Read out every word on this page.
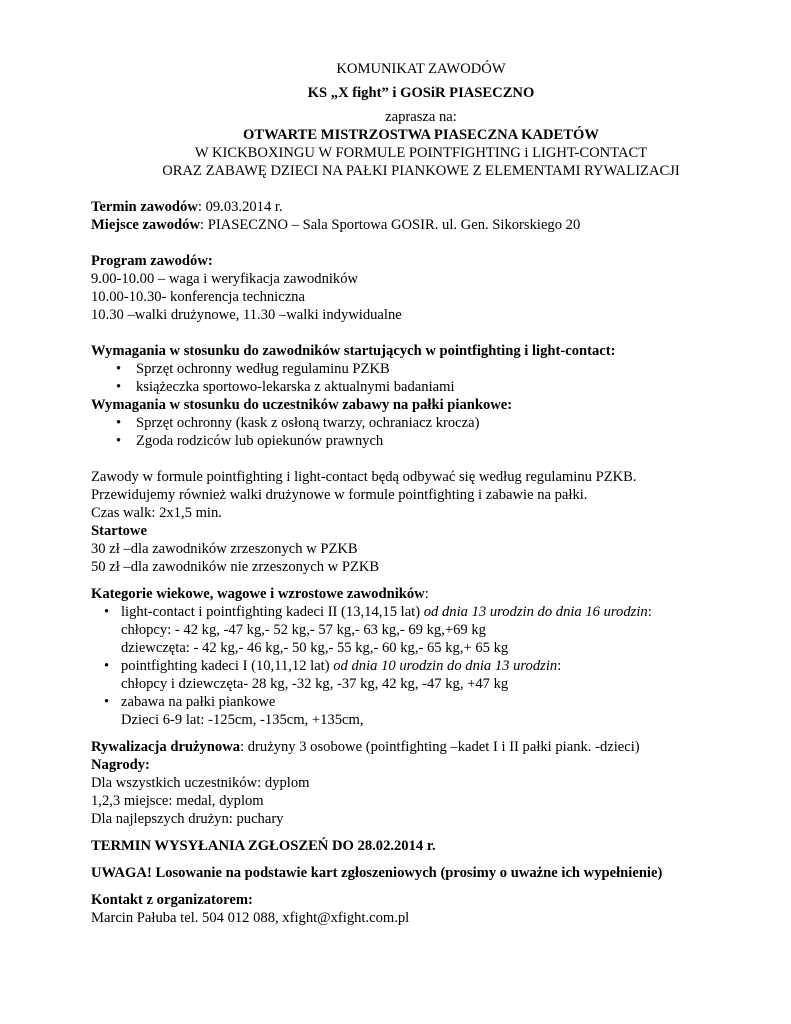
KOMUNIKAT ZAWODÓW

KS „X fight” i GOSiR PIASECZNO

zaprasza na:

OTWARTE MISTRZOSTWA PIASECZNA KADETÓW

W KICKBOXINGU W FORMULE POINTFIGHTING i LIGHT-CONTACT

ORAZ ZABAWĘ DZIECI NA PAŁKI PIANKOWE Z ELEMENTAMI RYWALIZACJI

Termin zawodów: 09.03.2014 r.

Miejsce zawodów: PIASECZNO – Sala Sportowa GOSIR. ul. Gen. Sikorskiego 20

Program zawodów:

9.00-10.00 – waga i weryfikacja zawodników

10.00-10.30- konferencja techniczna

10.30 –walki drużynowe, 11.30 –walki indywidualne

Wymagania w stosunku do zawodników startujących w pointfighting i light-contact:

• Sprzęt ochronny według regulaminu PZKB
• książeczka sportowo-lekarska z aktualnymi badaniami

Wymagania w stosunku do uczestników zabawy na pałki piankowe:

• Sprzęt ochronny (kask z osłoną twarzy, ochraniacz krocza)
• Zgoda rodziców lub opiekunów prawnych

Zawody w formule pointfighting i light-contact będą odbywać się według regulaminu PZKB.

Przewidujemy również walki drużynowe w formule pointfighting i zabawie na pałki.

Czas walk: 2x1,5 min.

Startowe

30 zł –dla zawodników zrzeszonych w PZKB

50 zł –dla zawodników nie zrzeszonych w PZKB

Kategorie wiekowe, wagowe i wzrostowe zawodników:

• light-contact i pointfighting kadeci II (13,14,15 lat) od dnia 13 urodzin do dnia 16 urodzin:
chłopcy: - 42 kg, -47 kg,- 52 kg,- 57 kg,- 63 kg,- 69 kg,+69 kg
dziewczęta: - 42 kg,- 46 kg,- 50 kg,- 55 kg,- 60 kg,- 65 kg,+ 65 kg
• pointfighting kadeci I (10,11,12 lat) od dnia 10 urodzin do dnia 13 urodzin:
chłopcy i dziewczęta- 28 kg, -32 kg, -37 kg, 42 kg, -47 kg, +47 kg
• zabawa na pałki piankowe
Dzieci 6-9 lat: -125cm, -135cm, +135cm,

Rywalizacja drużynowa: drużyny 3 osobowe (pointfighting –kadet I i II pałki piank. -dzieci)

Nagrody:

Dla wszystkich uczestników: dyplom

1,2,3 miejsce: medal, dyplom

Dla najlepszych drużyn: puchary

TERMIN WYSYŁANIA ZGŁOSZEŃ DO 28.02.2014 r.

UWAGA! Losowanie na podstawie kart zgłoszeniowych (prosimy o uważne ich wypełnienie)

Kontakt z organizatorem:

Marcin Pałuba tel. 504 012 088, xfight@xfight.com.pl
